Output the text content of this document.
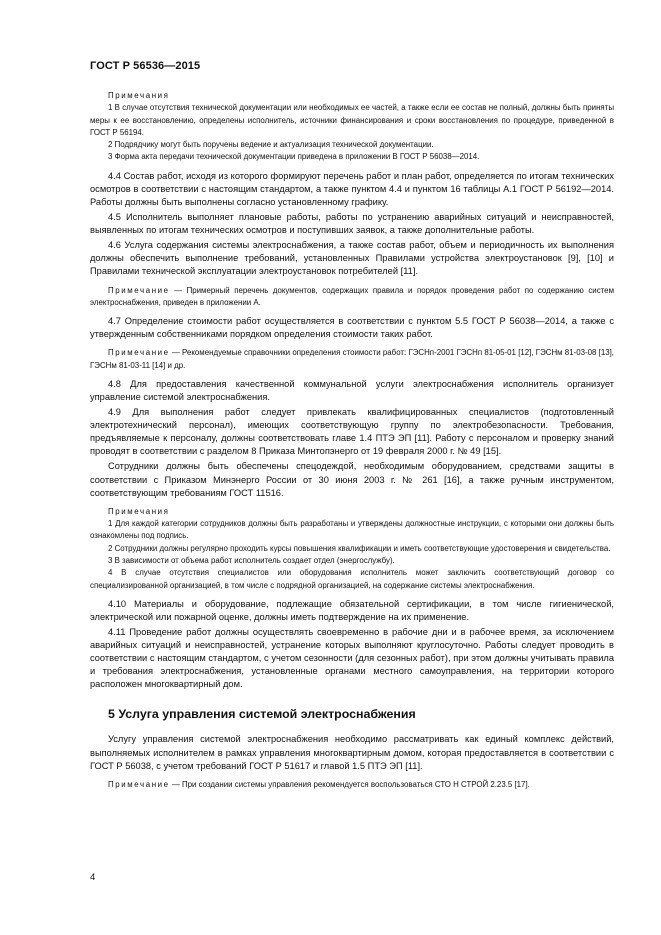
ГОСТ Р 56536—2015
Примечания
1 В случае отсутствия технической документации или необходимых ее частей, а также если ее состав не полный, должны быть приняты меры к ее восстановлению, определены исполнитель, источники финансирования и сроки восстановления по процедуре, приведенной в ГОСТ Р 56194.
2 Подрядчику могут быть поручены ведение и актуализация технической документации.
3 Форма акта передачи технической документации приведена в приложении В ГОСТ Р 56038—2014.

4.4 Состав работ, исходя из которого формируют перечень работ и план работ, определяется по итогам технических осмотров в соответствии с настоящим стандартом, а также пунктом 4.4 и пунктом 16 таблицы А.1 ГОСТ Р 56192—2014. Работы должны быть выполнены согласно установленному графику.

4.5 Исполнитель выполняет плановые работы, работы по устранению аварийных ситуаций и неисправностей, выявленных по итогам технических осмотров и поступивших заявок, а также дополнительные работы.

4.6 Услуга содержания системы электроснабжения, а также состав работ, объем и периодичность их выполнения должны обеспечить выполнение требований, установленных Правилами устройства электроустановок [9], [10] и Правилами технической эксплуатации электроустановок потребителей [11].

Примечание — Примерный перечень документов, содержащих правила и порядок проведения работ по содержанию систем электроснабжения, приведен в приложении А.

4.7 Определение стоимости работ осуществляется в соответствии с пунктом 5.5 ГОСТ Р 56038—2014, а также с утвержденным собственниками порядком определения стоимости таких работ.

Примечание — Рекомендуемые справочники определения стоимости работ: ГЭСНп-2001 ГЭСНп 81-05-01 [12], ГЭСНм 81-03-08 [13], ГЭСНм 81-03-11 [14] и др.

4.8 Для предоставления качественной коммунальной услуги электроснабжения исполнитель организует управление системой электроснабжения.

4.9 Для выполнения работ следует привлекать квалифицированных специалистов (подготовленный электротехнический персонал), имеющих соответствующую группу по электробезопасности. Требования, предъявляемые к персоналу, должны соответствовать главе 1.4 ПТЭ ЭП [11]. Работу с персоналом и проверку знаний проводят в соответствии с разделом 8 Приказа Минтопэнерго от 19 февраля 2000 г. № 49 [15].

Сотрудники должны быть обеспечены спецодеждой, необходимым оборудованием, средствами защиты в соответствии с Приказом Минэнерго России от 30 июня 2003 г. № 261 [16], а также ручным инструментом, соответствующим требованиям ГОСТ 11516.

Примечания
1 Для каждой категории сотрудников должны быть разработаны и утверждены должностные инструкции, с которыми они должны быть ознакомлены под подпись.
2 Сотрудники должны регулярно проходить курсы повышения квалификации и иметь соответствующие удостоверения и свидетельства.
3 В зависимости от объема работ исполнитель создает отдел (энергослужбу).
4 В случае отсутствия специалистов или оборудования исполнитель может заключить соответствующий договор со специализированной организацией, в том числе с подрядной организацией, на содержание системы электроснабжения.

4.10 Материалы и оборудование, подлежащие обязательной сертификации, в том числе гигиенической, электрической или пожарной оценке, должны иметь подтверждение на их применение.

4.11 Проведение работ должны осуществлять своевременно в рабочие дни и в рабочее время, за исключением аварийных ситуаций и неисправностей, устранение которых выполняют круглосуточно. Работы следует проводить в соответствии с настоящим стандартом, с учетом сезонности (для сезонных работ), при этом должны учитывать правила и требования электроснабжения, установленные органами местного самоуправления, на территории которого расположен многоквартирный дом.

5 Услуга управления системой электроснабжения

Услугу управления системой электроснабжения необходимо рассматривать как единый комплекс действий, выполняемых исполнителем в рамках управления многоквартирным домом, которая предоставляется в соответствии с ГОСТ Р 56038, с учетом требований ГОСТ Р 51617 и главой 1.5 ПТЭ ЭП [11].

Примечание — При создании системы управления рекомендуется воспользоваться СТО Н СТРОЙ 2.23.5 [17].

4
